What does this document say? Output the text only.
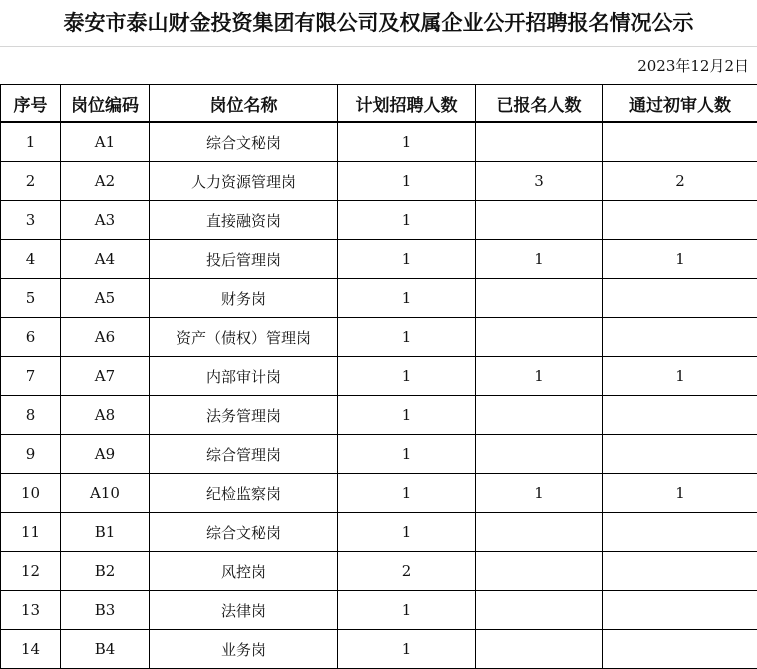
泰安市泰山财金投资集团有限公司及权属企业公开招聘报名情况公示
2023年12月2日
序号	岗位编码	岗位名称	计划招聘人数	已报名人数	通过初审人数
1	A1	综合文秘岗	1		
2	A2	人力资源管理岗	1	3	2
3	A3	直接融资岗	1		
4	A4	投后管理岗	1	1	1
5	A5	财务岗	1		
6	A6	资产（债权）管理岗	1		
7	A7	内部审计岗	1	1	1
8	A8	法务管理岗	1		
9	A9	综合管理岗	1		
10	A10	纪检监察岗	1	1	1
11	B1	综合文秘岗	1		
12	B2	风控岗	2		
13	B3	法律岗	1		
14	B4	业务岗	1		
